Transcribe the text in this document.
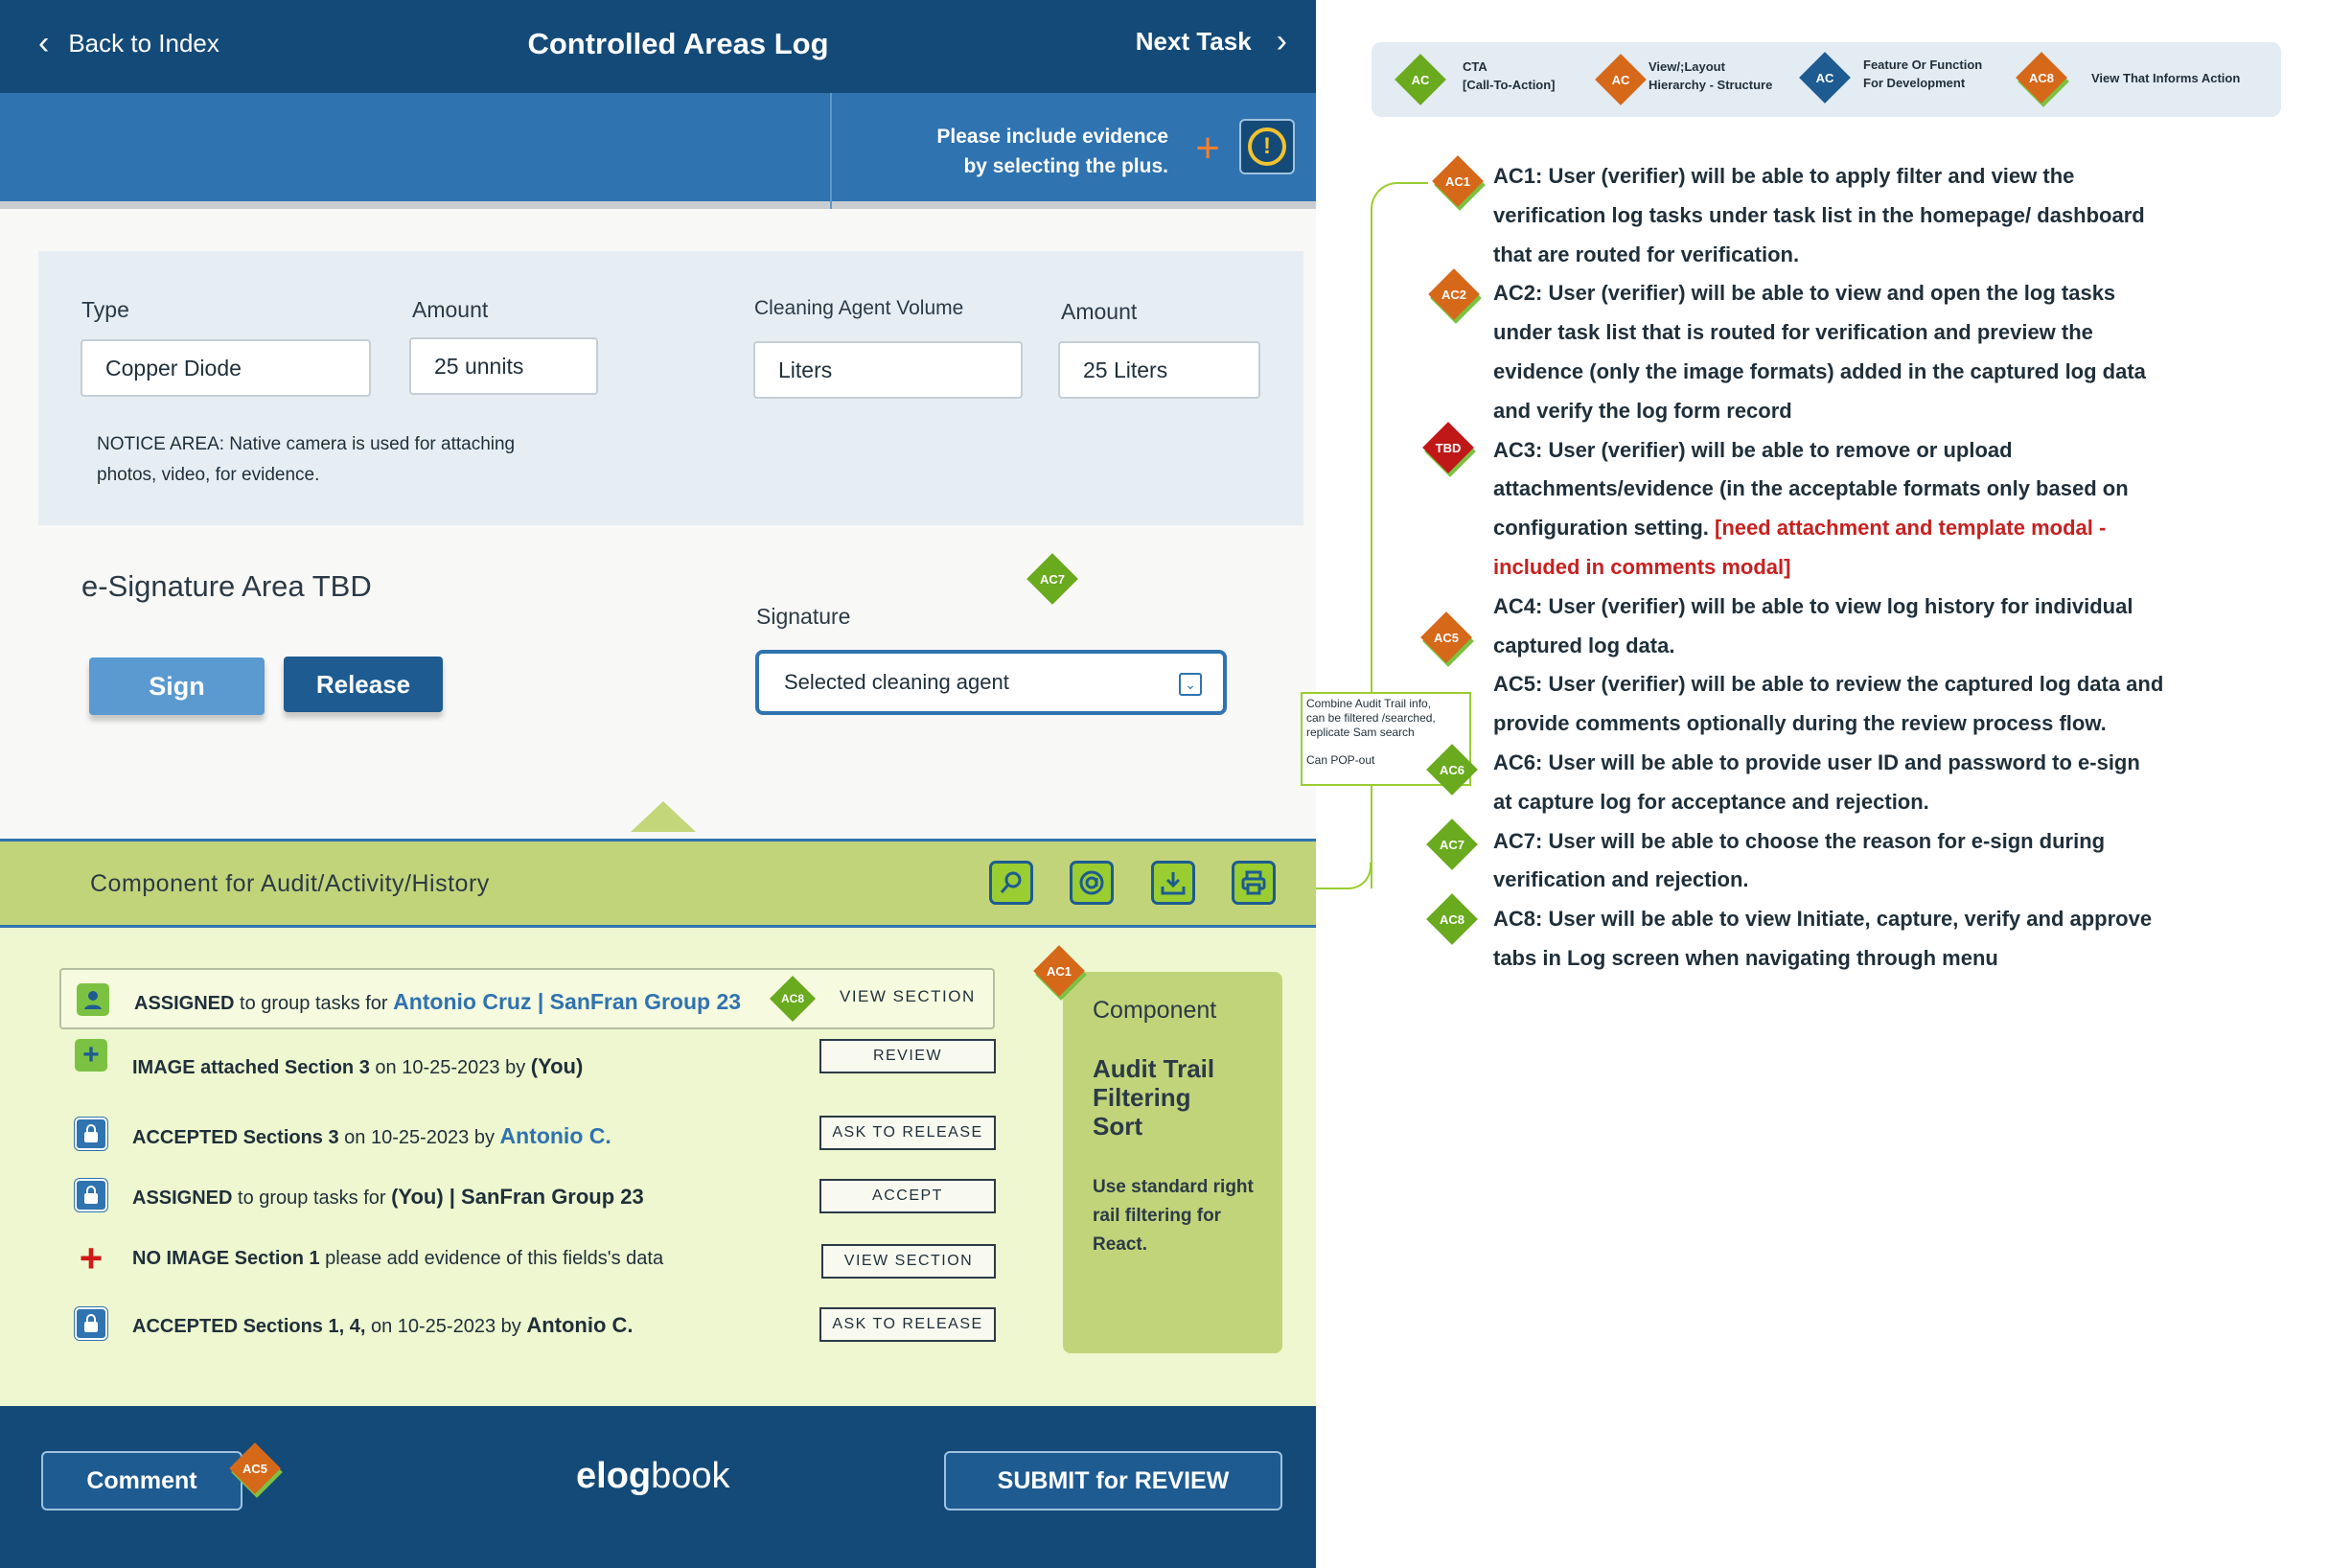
‹ Back to Index	Controlled Areas Log	Next Task ›
Please include evidence
by selecting the plus. +	!
Type
Copper Diode
Amount
25 unnits
Cleaning Agent Volume
Liters
Amount
25 Liters
NOTICE AREA: Native camera is used for attaching
photos, video, for evidence.
e-Signature Area TBD
Sign	Release
AC7
Signature
Selected cleaning agent	⌄
Component for Audit/Activity/History
ASSIGNED to group tasks for Antonio Cruz | SanFran Group 23	AC8	VIEW SECTION
+	IMAGE attached Section 3 on 10-25-2023 by (You)	REVIEW
ACCEPTED Sections 3 on 10-25-2023 by Antonio C.	ASK TO RELEASE
ASSIGNED to group tasks for (You) | SanFran Group 23	ACCEPT
+ NO IMAGE Section 1 please add evidence of this fields's data	VIEW SECTION
ACCEPTED Sections 1, 4, on 10-25-2023 by Antonio C.	ASK TO RELEASE
Component
Audit Trail
Filtering
Sort
Use standard right
rail filtering for
React.
AC1
Comment	AC5	elogbook	SUBMIT for REVIEW
AC
CTA
[Call-To-Action]	AC
View/;Layout
Hierarchy - Structure	AC
Feature Or Function
For Development	AC8	View That Informs Action
Combine Audit Trail info,
can be filtered /searched,
replicate Sam search
Can POP-out
AC1
AC2
TBD
AC5
AC6
AC7
AC8
AC1: User (verifier) will be able to apply filter and view the verification log tasks under task list in the homepage/ dashboard that are routed for verification.
AC2: User (verifier) will be able to view and open the log tasks under task list that is routed for verification and preview the evidence (only the image formats) added in the captured log data and verify the log form record
AC3: User (verifier) will be able to remove or upload attachments/evidence (in the acceptable formats only based on configuration setting. [need attachment and template modal - included in comments modal]
AC4: User (verifier) will be able to view log history for individual captured log data.
AC5: User (verifier) will be able to review the captured log data and provide comments optionally during the review process flow.
AC6: User will be able to provide user ID and password to e-sign at capture log for acceptance and rejection.
AC7: User will be able to choose the reason for e-sign during verification and rejection.
AC8: User will be able to view Initiate, capture, verify and approve tabs in Log screen when navigating through menu
